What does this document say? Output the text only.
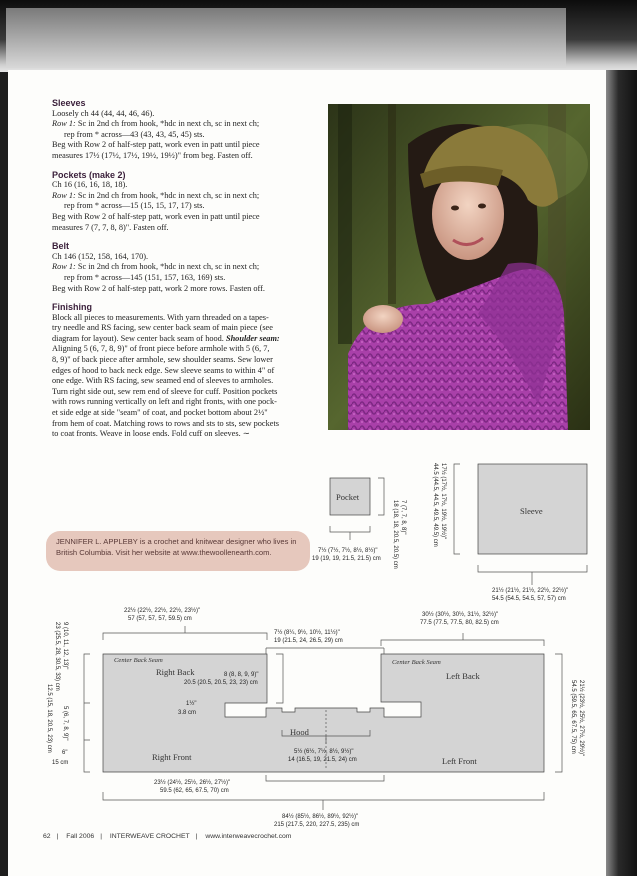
Sleeves

Loosely ch 44 (44, 44, 46, 46).

Row 1: Sc in 2nd ch from hook, *hdc in next ch, sc in next ch;

rep from * across—43 (43, 43, 45, 45) sts.

Beg with Row 2 of half-step patt, work even in patt until piece

measures 17½ (17½, 17½, 19½, 19½)" from beg. Fasten off.

Pockets (make 2)

Ch 16 (16, 16, 18, 18).

Row 1: Sc in 2nd ch from hook, *hdc in next ch, sc in next ch;

rep from * across—15 (15, 15, 17, 17) sts.

Beg with Row 2 of half-step patt, work even in patt until piece

measures 7 (7, 7, 8, 8)". Fasten off.

Belt

Ch 146 (152, 158, 164, 170).

Row 1: Sc in 2nd ch from hook, *hdc in next ch, sc in next ch;

rep from * across—145 (151, 157, 163, 169) sts.

Beg with Row 2 of half-step patt, work 2 more rows. Fasten off.

Finishing

Block all pieces to measurements. With yarn threaded on a tapes-

try needle and RS facing, sew center back seam of main piece (see

diagram for layout). Sew center back seam of hood. Shoulder seam:

Aligning 5 (6, 7, 8, 9)" of front piece before armhole with 5 (6, 7,

8, 9)" of back piece after armhole, sew shoulder seams. Sew lower

edges of hood to back neck edge. Sew sleeve seams to within 4" of

one edge. With RS facing, sew seamed end of sleeves to armholes.

Turn right side out, sew rem end of sleeve for cuff. Position pockets

with rows running vertically on left and right fronts, with one pock-

et side edge at side "seam" of coat, and pocket bottom about 2½"

from hem of coat. Matching rows to rows and sts to sts, sew pockets

to coat fronts. Weave in loose ends. Fold cuff on sleeves. ∼

JENNIFER L. APPLEBY is a crochet and knitwear designer who lives in
British Columbia. Visit her website at www.thewoollenearth.com.
Pocket
7½ (7½, 7½, 8½, 8½)"
19 (19, 19, 21.5, 21.5) cm
7 (7, 7, 8, 8)"
18 (18, 18, 20.5, 20.5) cm	Sleeve
17½ (17½, 17½, 19½, 19½)"
44.5 (44.5, 44.5, 49.5, 49.5) cm
21½ (21½, 21½, 22½, 22½)"
54.5 (54.5, 54.5, 57, 57) cm
22½ (22½, 22½, 22½, 23½)"
57 (57, 57, 57, 59.5) cm
7½ (8¼, 9½, 10½, 11½)"
19 (21.5, 24, 26.5, 29) cm
30½ (30½, 30½, 31½, 32½)"
77.5 (77.5, 77.5, 80, 82.5) cm
Center Back Seam	Center Back Seam
Right Back	Left Back
Right Front	Left Front
Hood
8 (8, 8, 9, 9)"
20.5 (20.5, 20.5, 23, 23) cm
1½"
3.8 cm
5½ (6½, 7½, 8½, 9½)"
14 (16.5, 19, 21.5, 24) cm
23½ (24½, 25½, 26½, 27½)"
59.5 (62, 65, 67.5, 70) cm
84½ (85½, 86½, 89½, 92½)"
215 (217.5, 220, 227.5, 235) cm
9 (10, 11, 12, 13)"
23 (25.5, 28, 30.5, 33) cm
5 (6, 7, 8, 9)"
12.5 (15, 18, 20.5, 23) cm
6"
15 cm
21½ (23½, 25½, 27½, 29½)"
54.5 (59.5, 65, 67.5, 75) cm
62 | Fall 2006 | INTERWEAVE CROCHET | www.interweavecrochet.com
